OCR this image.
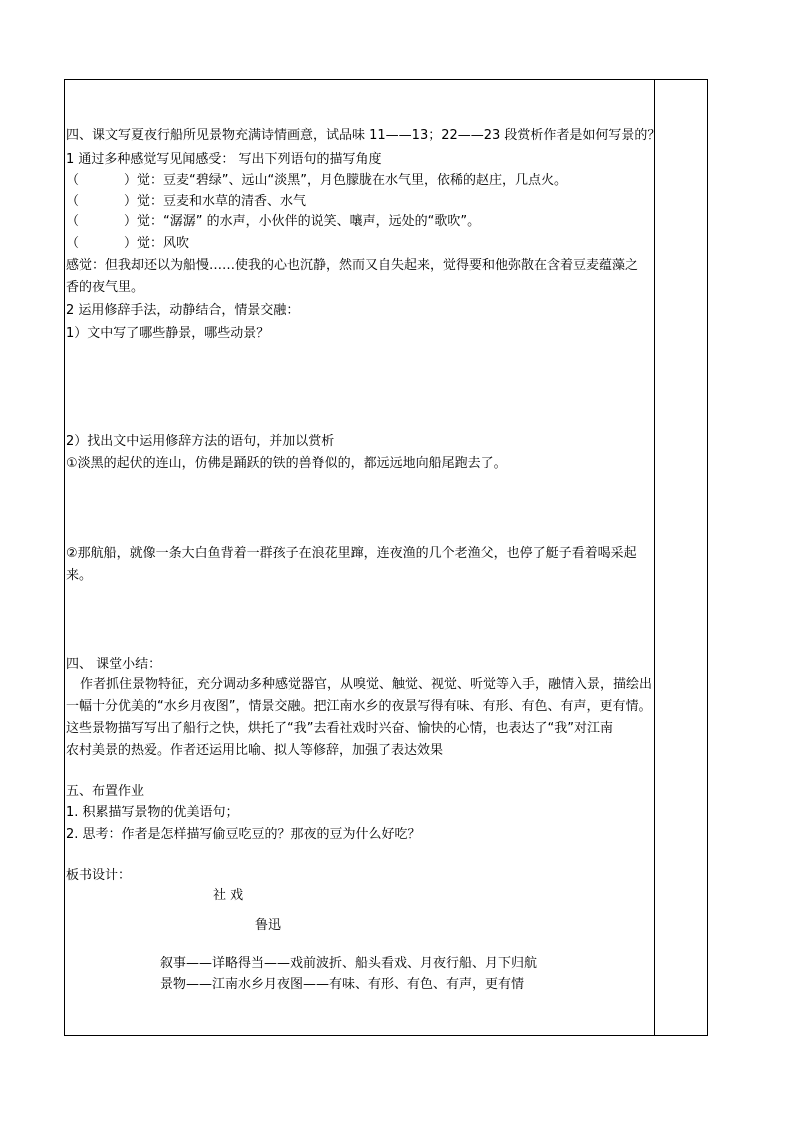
四、课文写夏夜行船所见景物充满诗情画意，试品味 11——13；22——23 段赏析作者是如何写景的？
1 通过多种感觉写见闻感受： 写出下列语句的描写角度
（	）觉：豆麦“碧绿”、远山“淡黑”，月色朦胧在水气里，依稀的赵庄，几点火。
（	）觉：豆麦和水草的清香、水气
（	）觉：“潺潺” 的水声，小伙伴的说笑、嚷声，远处的“歌吹”。
（	）觉：风吹
感觉：但我却还以为船慢……使我的心也沉静，然而又自失起来，觉得要和他弥散在含着豆麦蕴藻之
香的夜气里。
2 运用修辞手法，动静结合，情景交融：
1）文中写了哪些静景，哪些动景？
2）找出文中运用修辞方法的语句，并加以赏析
①淡黑的起伏的连山，仿佛是踊跃的铁的兽脊似的，都远远地向船尾跑去了。
②那航船，就像一条大白鱼背着一群孩子在浪花里蹿，连夜渔的几个老渔父，也停了艇子看着喝采起
来。
四、 课堂小结：
作者抓住景物特征，充分调动多种感觉器官，从嗅觉、触觉、视觉、听觉等入手，融情入景，描绘出
一幅十分优美的“水乡月夜图”，情景交融。把江南水乡的夜景写得有味、有形、有色、有声，更有情。
这些景物描写写出了船行之快，烘托了“我”去看社戏时兴奋、愉快的心情，也表达了“我”对江南
农村美景的热爱。作者还运用比喻、拟人等修辞，加强了表达效果
五、布置作业
1. 积累描写景物的优美语句；
2. 思考：作者是怎样描写偷豆吃豆的？那夜的豆为什么好吃？
板书设计：
社 戏
鲁迅
叙事——详略得当——戏前波折、船头看戏、月夜行船、月下归航
景物——江南水乡月夜图——有味、有形、有色、有声，更有情
